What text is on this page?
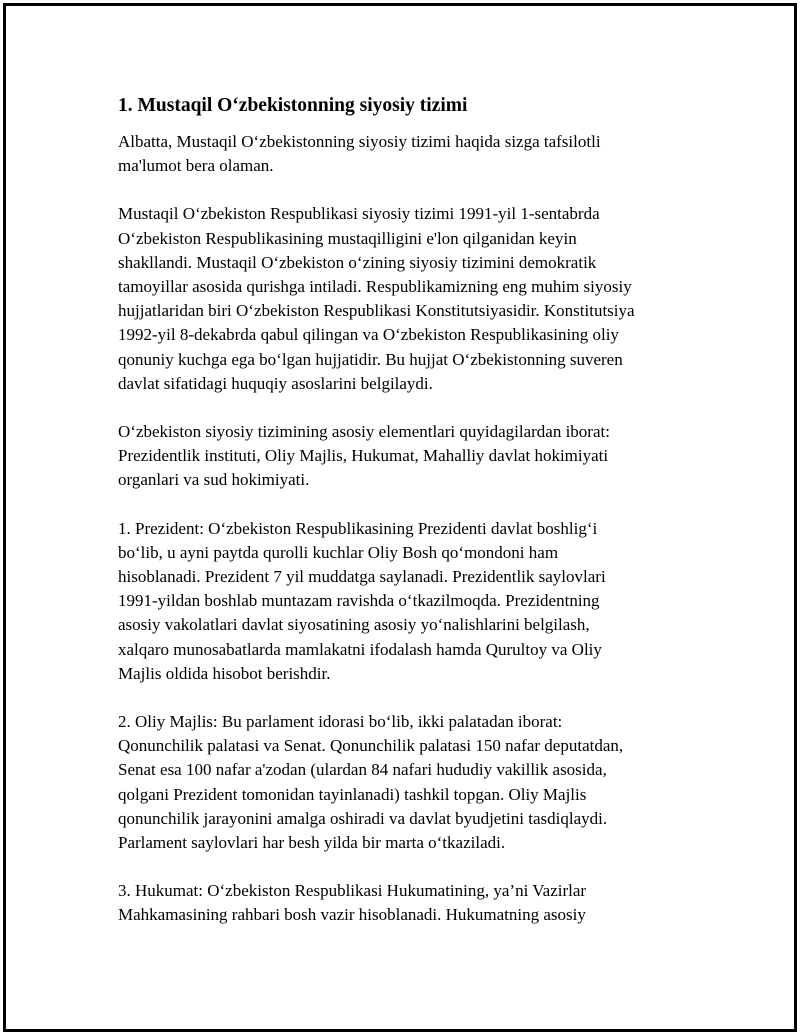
1. Mustaqil O‘zbekistonning siyosiy tizimi

Albatta, Mustaqil O‘zbekistonning siyosiy tizimi haqida sizga tafsilotli
ma'lumot bera olaman.

Mustaqil O‘zbekiston Respublikasi siyosiy tizimi 1991-yil 1-sentabrda
O‘zbekiston Respublikasining mustaqilligini e'lon qilganidan keyin
shakllandi. Mustaqil O‘zbekiston o‘zining siyosiy tizimini demokratik
tamoyillar asosida qurishga intiladi. Respublikamizning eng muhim siyosiy
hujjatlaridan biri O‘zbekiston Respublikasi Konstitutsiyasidir. Konstitutsiya
1992-yil 8-dekabrda qabul qilingan va O‘zbekiston Respublikasining oliy
qonuniy kuchga ega bo‘lgan hujjatidir. Bu hujjat O‘zbekistonning suveren
davlat sifatidagi huquqiy asoslarini belgilaydi.

O‘zbekiston siyosiy tizimining asosiy elementlari quyidagilardan iborat:
Prezidentlik instituti, Oliy Majlis, Hukumat, Mahalliy davlat hokimiyati
organlari va sud hokimiyati.

1. Prezident: O‘zbekiston Respublikasining Prezidenti davlat boshlig‘i
bo‘lib, u ayni paytda qurolli kuchlar Oliy Bosh qo‘mondoni ham
hisoblanadi. Prezident 7 yil muddatga saylanadi. Prezidentlik saylovlari
1991-yildan boshlab muntazam ravishda o‘tkazilmoqda. Prezidentning
asosiy vakolatlari davlat siyosatining asosiy yo‘nalishlarini belgilash,
xalqaro munosabatlarda mamlakatni ifodalash hamda Qurultoy va Oliy
Majlis oldida hisobot berishdir.

2. Oliy Majlis: Bu parlament idorasi bo‘lib, ikki palatadan iborat:
Qonunchilik palatasi va Senat. Qonunchilik palatasi 150 nafar deputatdan,
Senat esa 100 nafar a'zodan (ulardan 84 nafari hududiy vakillik asosida,
qolgani Prezident tomonidan tayinlanadi) tashkil topgan. Oliy Majlis
qonunchilik jarayonini amalga oshiradi va davlat byudjetini tasdiqlaydi.
Parlament saylovlari har besh yilda bir marta o‘tkaziladi.

3. Hukumat: O‘zbekiston Respublikasi Hukumatining, ya’ni Vazirlar
Mahkamasining rahbari bosh vazir hisoblanadi. Hukumatning asosiy
